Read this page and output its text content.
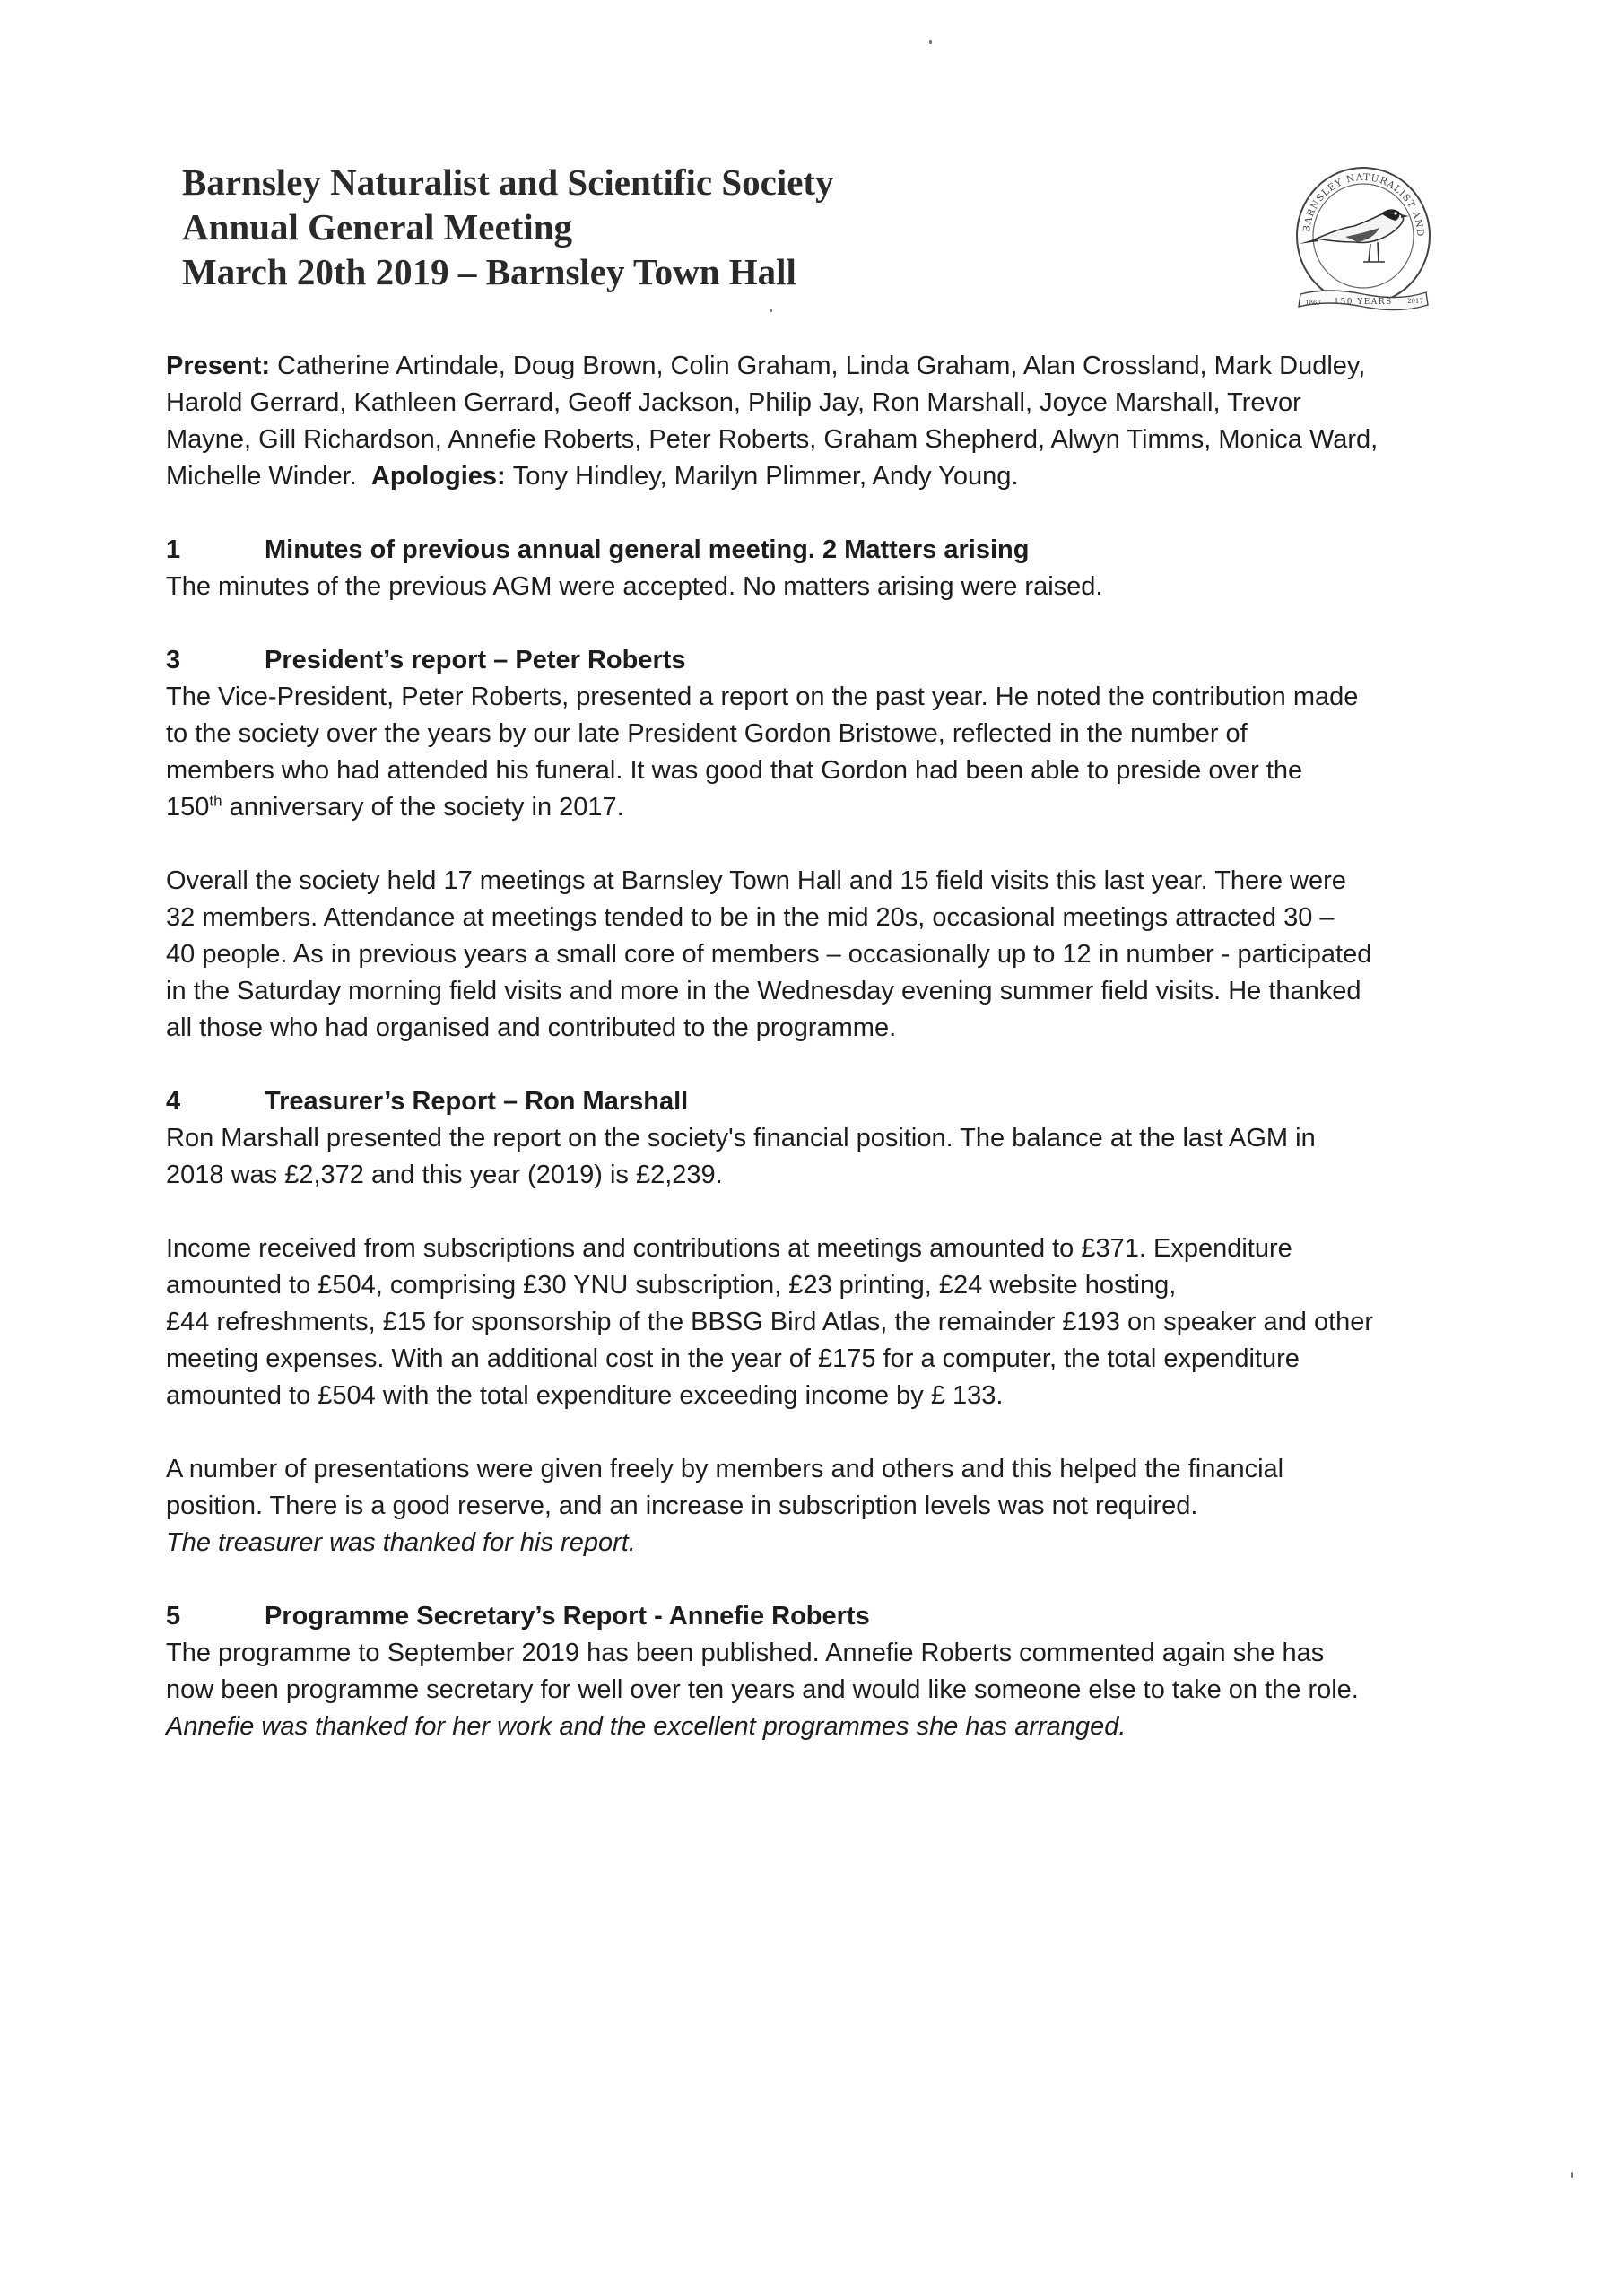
Barnsley Naturalist and Scientific Society
Annual General Meeting
March 20th 2019 – Barnsley Town Hall
BARNSLEY NATURALIST AND
150 YEARS
1867	2017

Present: Catherine Artindale, Doug Brown, Colin Graham, Linda Graham, Alan Crossland, Mark Dudley,

Harold Gerrard, Kathleen Gerrard, Geoff Jackson, Philip Jay, Ron Marshall, Joyce Marshall, Trevor

Mayne, Gill Richardson, Annefie Roberts, Peter Roberts, Graham Shepherd, Alwyn Timms, Monica Ward,

Michelle Winder. Apologies: Tony Hindley, Marilyn Plimmer, Andy Young.

1	Minutes of previous annual general meeting. 2 Matters arising

The minutes of the previous AGM were accepted. No matters arising were raised.

3	President’s report – Peter Roberts

The Vice-President, Peter Roberts, presented a report on the past year. He noted the contribution made

to the society over the years by our late President Gordon Bristowe, reflected in the number of

members who had attended his funeral. It was good that Gordon had been able to preside over the

150th anniversary of the society in 2017.

Overall the society held 17 meetings at Barnsley Town Hall and 15 field visits this last year. There were

32 members. Attendance at meetings tended to be in the mid 20s, occasional meetings attracted 30 –

40 people. As in previous years a small core of members – occasionally up to 12 in number - participated

in the Saturday morning field visits and more in the Wednesday evening summer field visits. He thanked

all those who had organised and contributed to the programme.

4	Treasurer’s Report – Ron Marshall

Ron Marshall presented the report on the society's financial position. The balance at the last AGM in

2018 was £2,372 and this year (2019) is £2,239.

Income received from subscriptions and contributions at meetings amounted to £371. Expenditure

amounted to £504, comprising £30 YNU subscription, £23 printing, £24 website hosting,

£44 refreshments, £15 for sponsorship of the BBSG Bird Atlas, the remainder £193 on speaker and other

meeting expenses. With an additional cost in the year of £175 for a computer, the total expenditure

amounted to £504 with the total expenditure exceeding income by £ 133.

A number of presentations were given freely by members and others and this helped the financial

position. There is a good reserve, and an increase in subscription levels was not required.

The treasurer was thanked for his report.

5	Programme Secretary’s Report - Annefie Roberts

The programme to September 2019 has been published. Annefie Roberts commented again she has

now been programme secretary for well over ten years and would like someone else to take on the role.

Annefie was thanked for her work and the excellent programmes she has arranged.
